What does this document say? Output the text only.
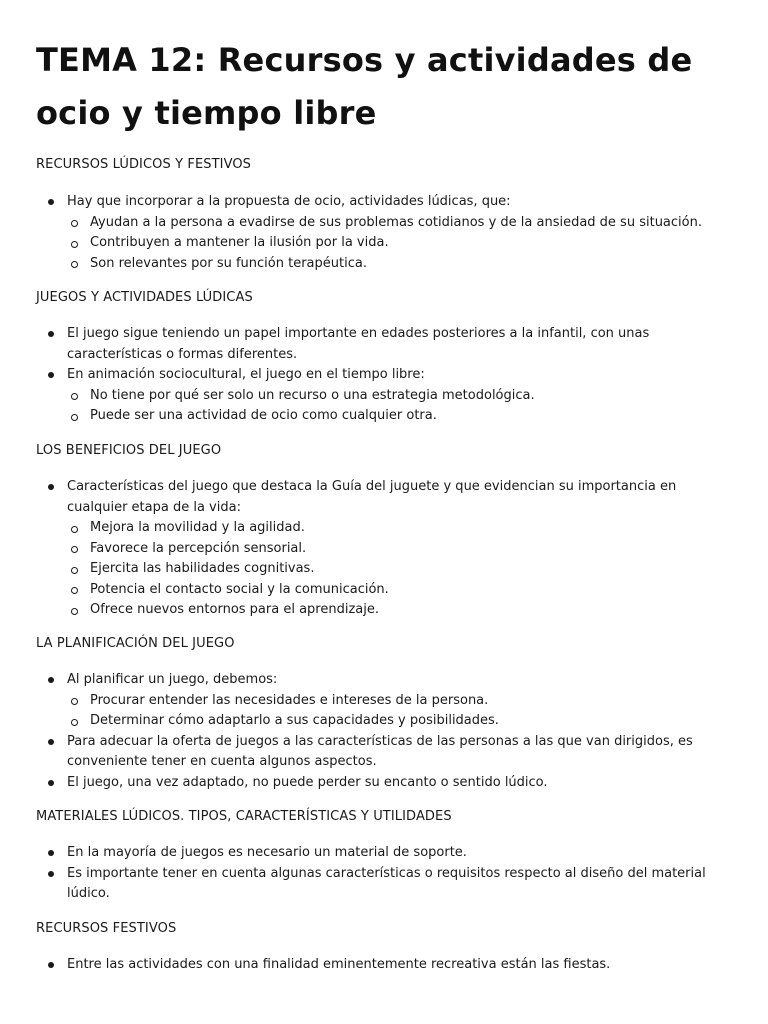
TEMA 12: Recursos y actividades de ocio y tiempo libre

RECURSOS LÚDICOS Y FESTIVOS

Hay que incorporar a la propuesta de ocio, actividades lúdicas, que:
Ayudan a la persona a evadirse de sus problemas cotidianos y de la ansiedad de su situación.
Contribuyen a mantener la ilusión por la vida.
Son relevantes por su función terapéutica.

JUEGOS Y ACTIVIDADES LÚDICAS

El juego sigue teniendo un papel importante en edades posteriores a la infantil, con unas características o formas diferentes.
En animación sociocultural, el juego en el tiempo libre:
No tiene por qué ser solo un recurso o una estrategia metodológica.
Puede ser una actividad de ocio como cualquier otra.

LOS BENEFICIOS DEL JUEGO

Características del juego que destaca la Guía del juguete y que evidencian su importancia en cualquier etapa de la vida:
Mejora la movilidad y la agilidad.
Favorece la percepción sensorial.
Ejercita las habilidades cognitivas.
Potencia el contacto social y la comunicación.
Ofrece nuevos entornos para el aprendizaje.

LA PLANIFICACIÓN DEL JUEGO

Al planificar un juego, debemos:
Procurar entender las necesidades e intereses de la persona.
Determinar cómo adaptarlo a sus capacidades y posibilidades.
Para adecuar la oferta de juegos a las características de las personas a las que van dirigidos, es conveniente tener en cuenta algunos aspectos.
El juego, una vez adaptado, no puede perder su encanto o sentido lúdico.

MATERIALES LÚDICOS. TIPOS, CARACTERÍSTICAS Y UTILIDADES

En la mayoría de juegos es necesario un material de soporte.
Es importante tener en cuenta algunas características o requisitos respecto al diseño del material lúdico.

RECURSOS FESTIVOS

Entre las actividades con una finalidad eminentemente recreativa están las fiestas.
